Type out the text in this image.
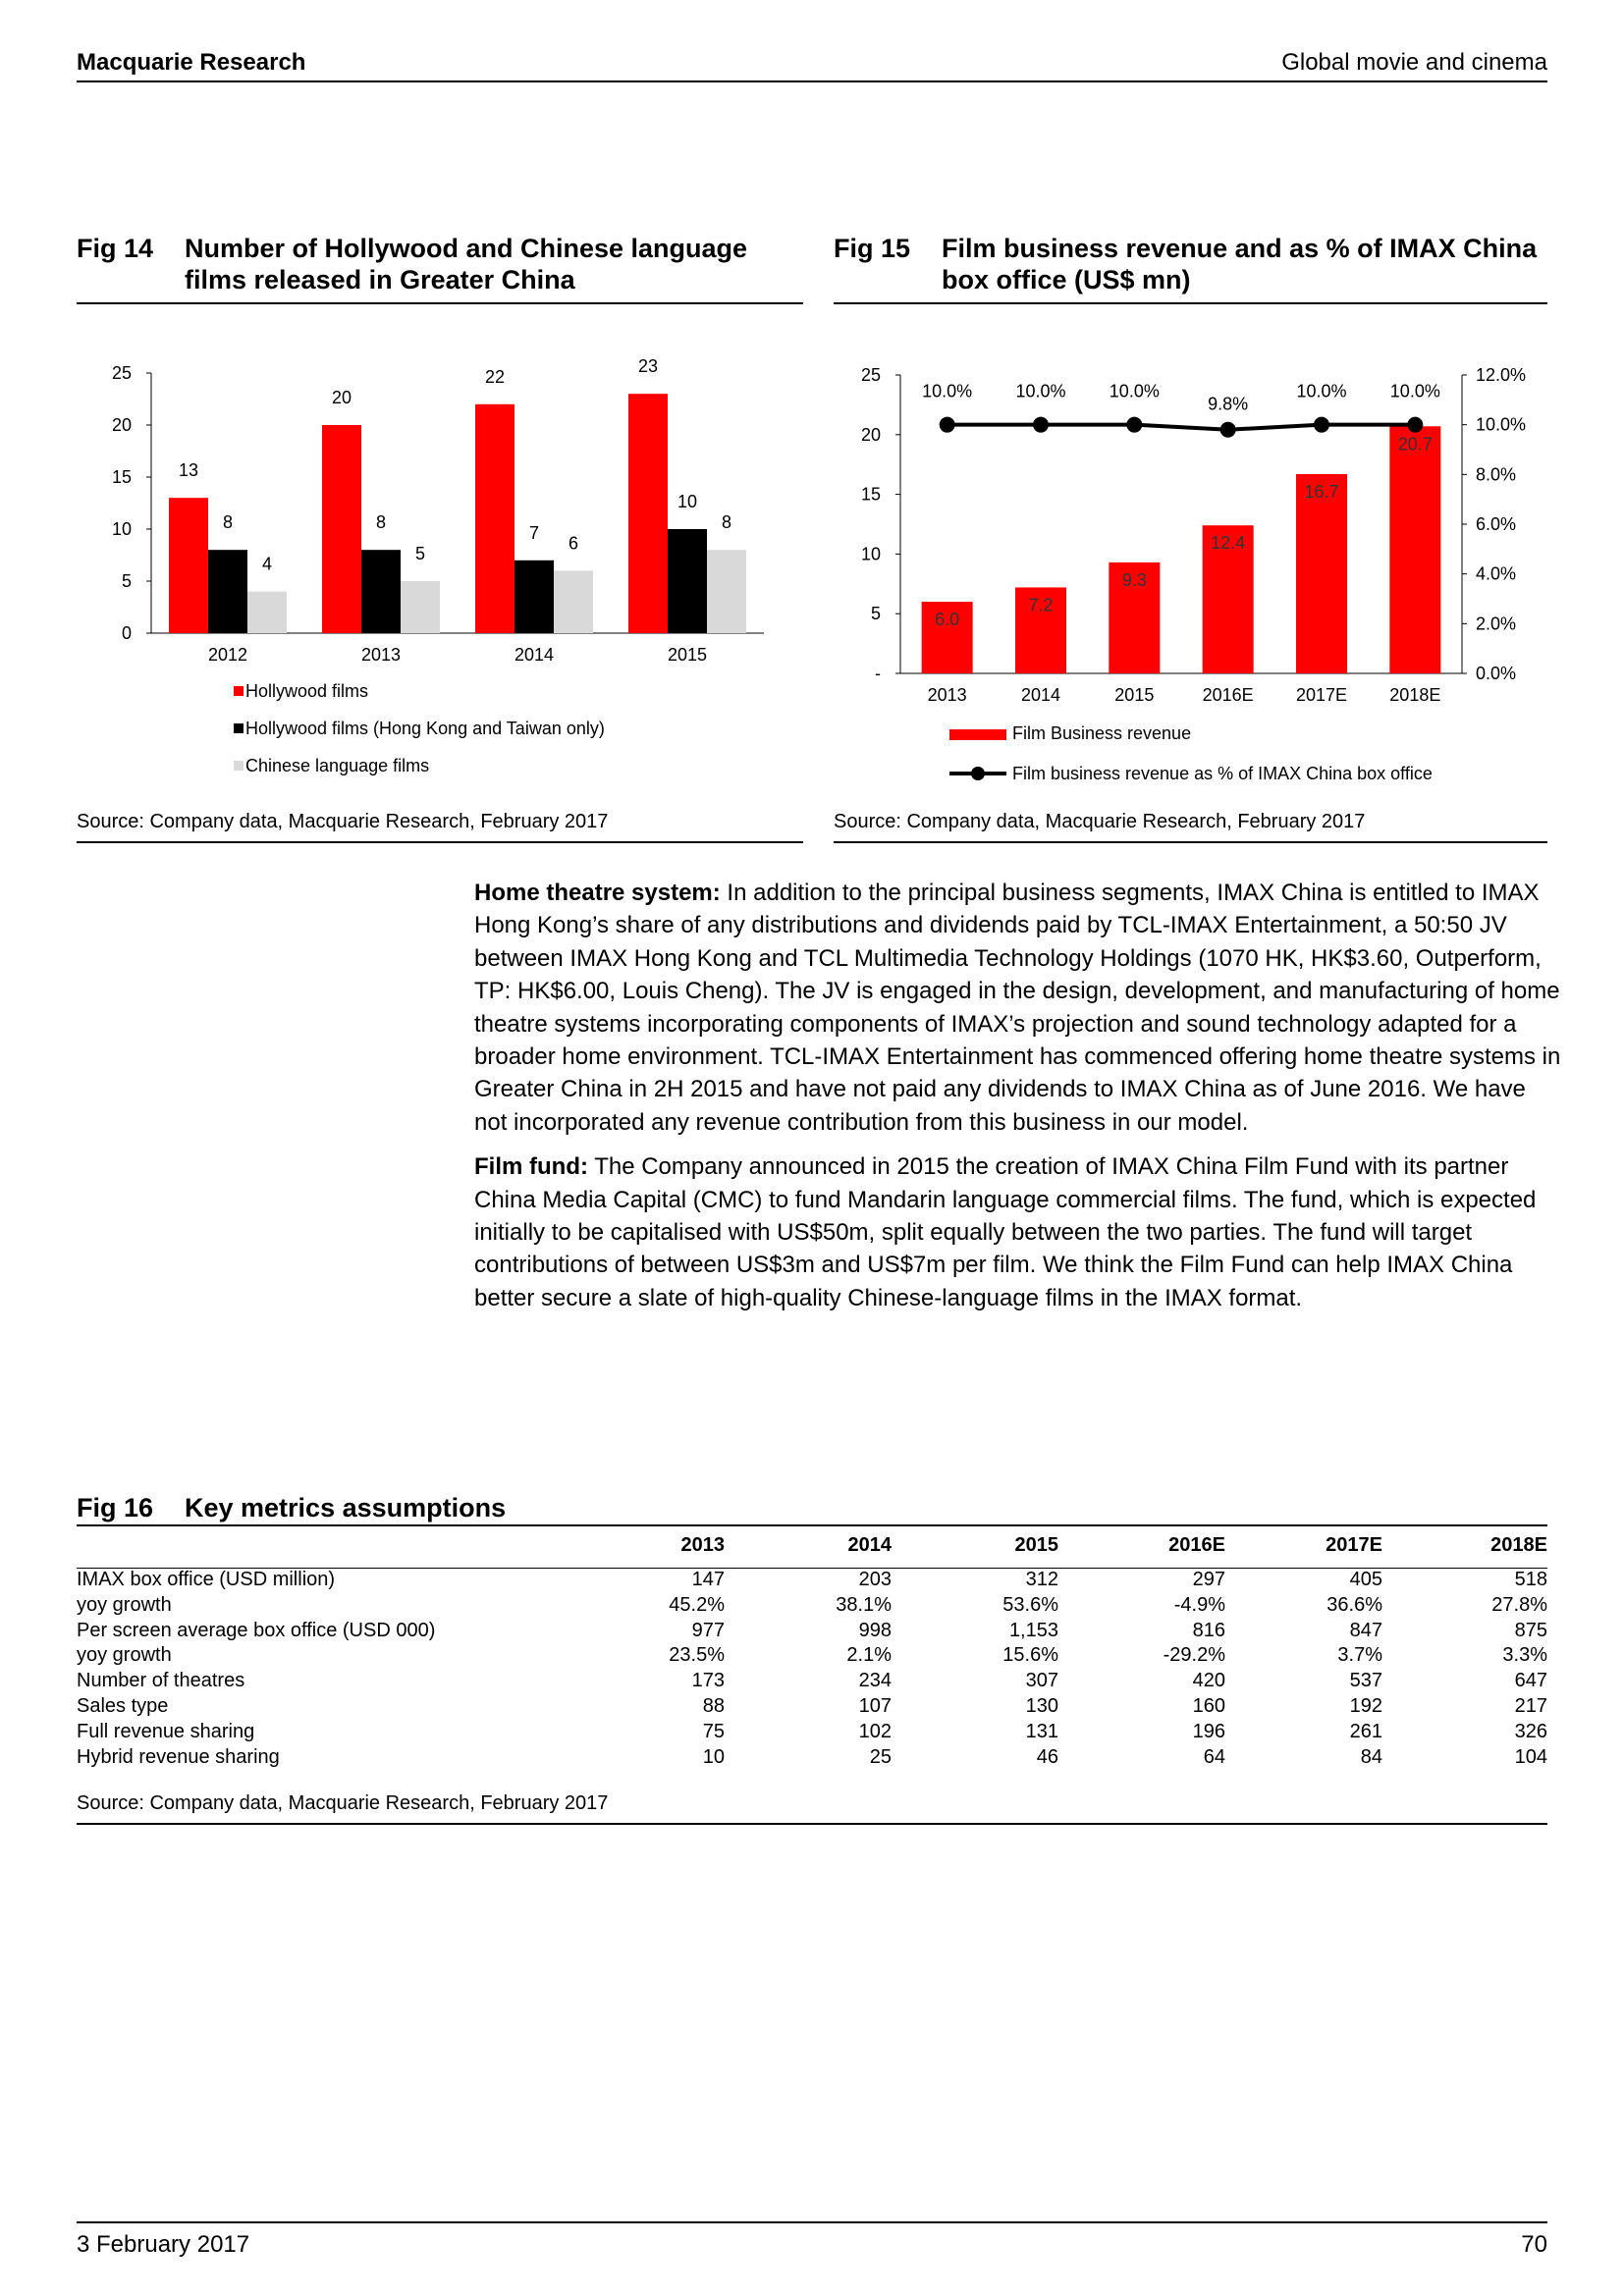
Macquarie Research	Global movie and cinema
Fig 14 Number of Hollywood and Chinese language
films released in Greater China
Fig 15 Film business revenue and as % of IMAX China
box office (US$ mn)
0
5
10
15
20
25
2012
13
8
4
2013
20
8
5
2014
22
7
6
2015
23
10
8
Hollywood films
Hollywood films (Hong Kong and Taiwan only)
Chinese language films
-
5
10
15
20
25
0.0%
2.0%
4.0%
6.0%
8.0%
10.0%
12.0%
2013
6.0
2014
7.2
2015
9.3
2016E
12.4
2017E
16.7
2018E
20.7
10.0% 10.0% 10.0%
9.8%
10.0% 10.0%
Film Business revenue
Film business revenue as % of IMAX China box office
Source: Company data, Macquarie Research, February 2017	Source: Company data, Macquarie Research, February 2017

Home theatre system: In addition to the principal business segments, IMAX China is entitled to IMAX Hong Kong’s share of any distributions and dividends paid by TCL-IMAX Entertainment, a 50:50 JV between IMAX Hong Kong and TCL Multimedia Technology Holdings (1070 HK, HK$3.60, Outperform, TP: HK$6.00, Louis Cheng). The JV is engaged in the design, development, and manufacturing of home theatre systems incorporating components of IMAX’s projection and sound technology adapted for a broader home environment. TCL-IMAX Entertainment has commenced offering home theatre systems in Greater China in 2H 2015 and have not paid any dividends to IMAX China as of June 2016. We have not incorporated any revenue contribution from this business in our model.

Film fund: The Company announced in 2015 the creation of IMAX China Film Fund with its partner China Media Capital (CMC) to fund Mandarin language commercial films. The fund, which is expected initially to be capitalised with US$50m, split equally between the two parties. The fund will target contributions of between US$3m and US$7m per film. We think the Film Fund can help IMAX China better secure a slate of high-quality Chinese-language films in the IMAX format.

Fig 16 Key metrics assumptions
	2013	2014	2015	2016E	2017E	2018E
IMAX box office (USD million)	147	203	312	297	405	518
yoy growth	45.2%	38.1%	53.6%	-4.9%	36.6%	27.8%
Per screen average box office (USD 000)	977	998	1,153	816	847	875
yoy growth	23.5%	2.1%	15.6%	-29.2%	3.7%	3.3%
Number of theatres	173	234	307	420	537	647
Sales type	88	107	130	160	192	217
Full revenue sharing	75	102	131	196	261	326
Hybrid revenue sharing	10	25	46	64	84	104
Source: Company data, Macquarie Research, February 2017
3 February 2017	70
